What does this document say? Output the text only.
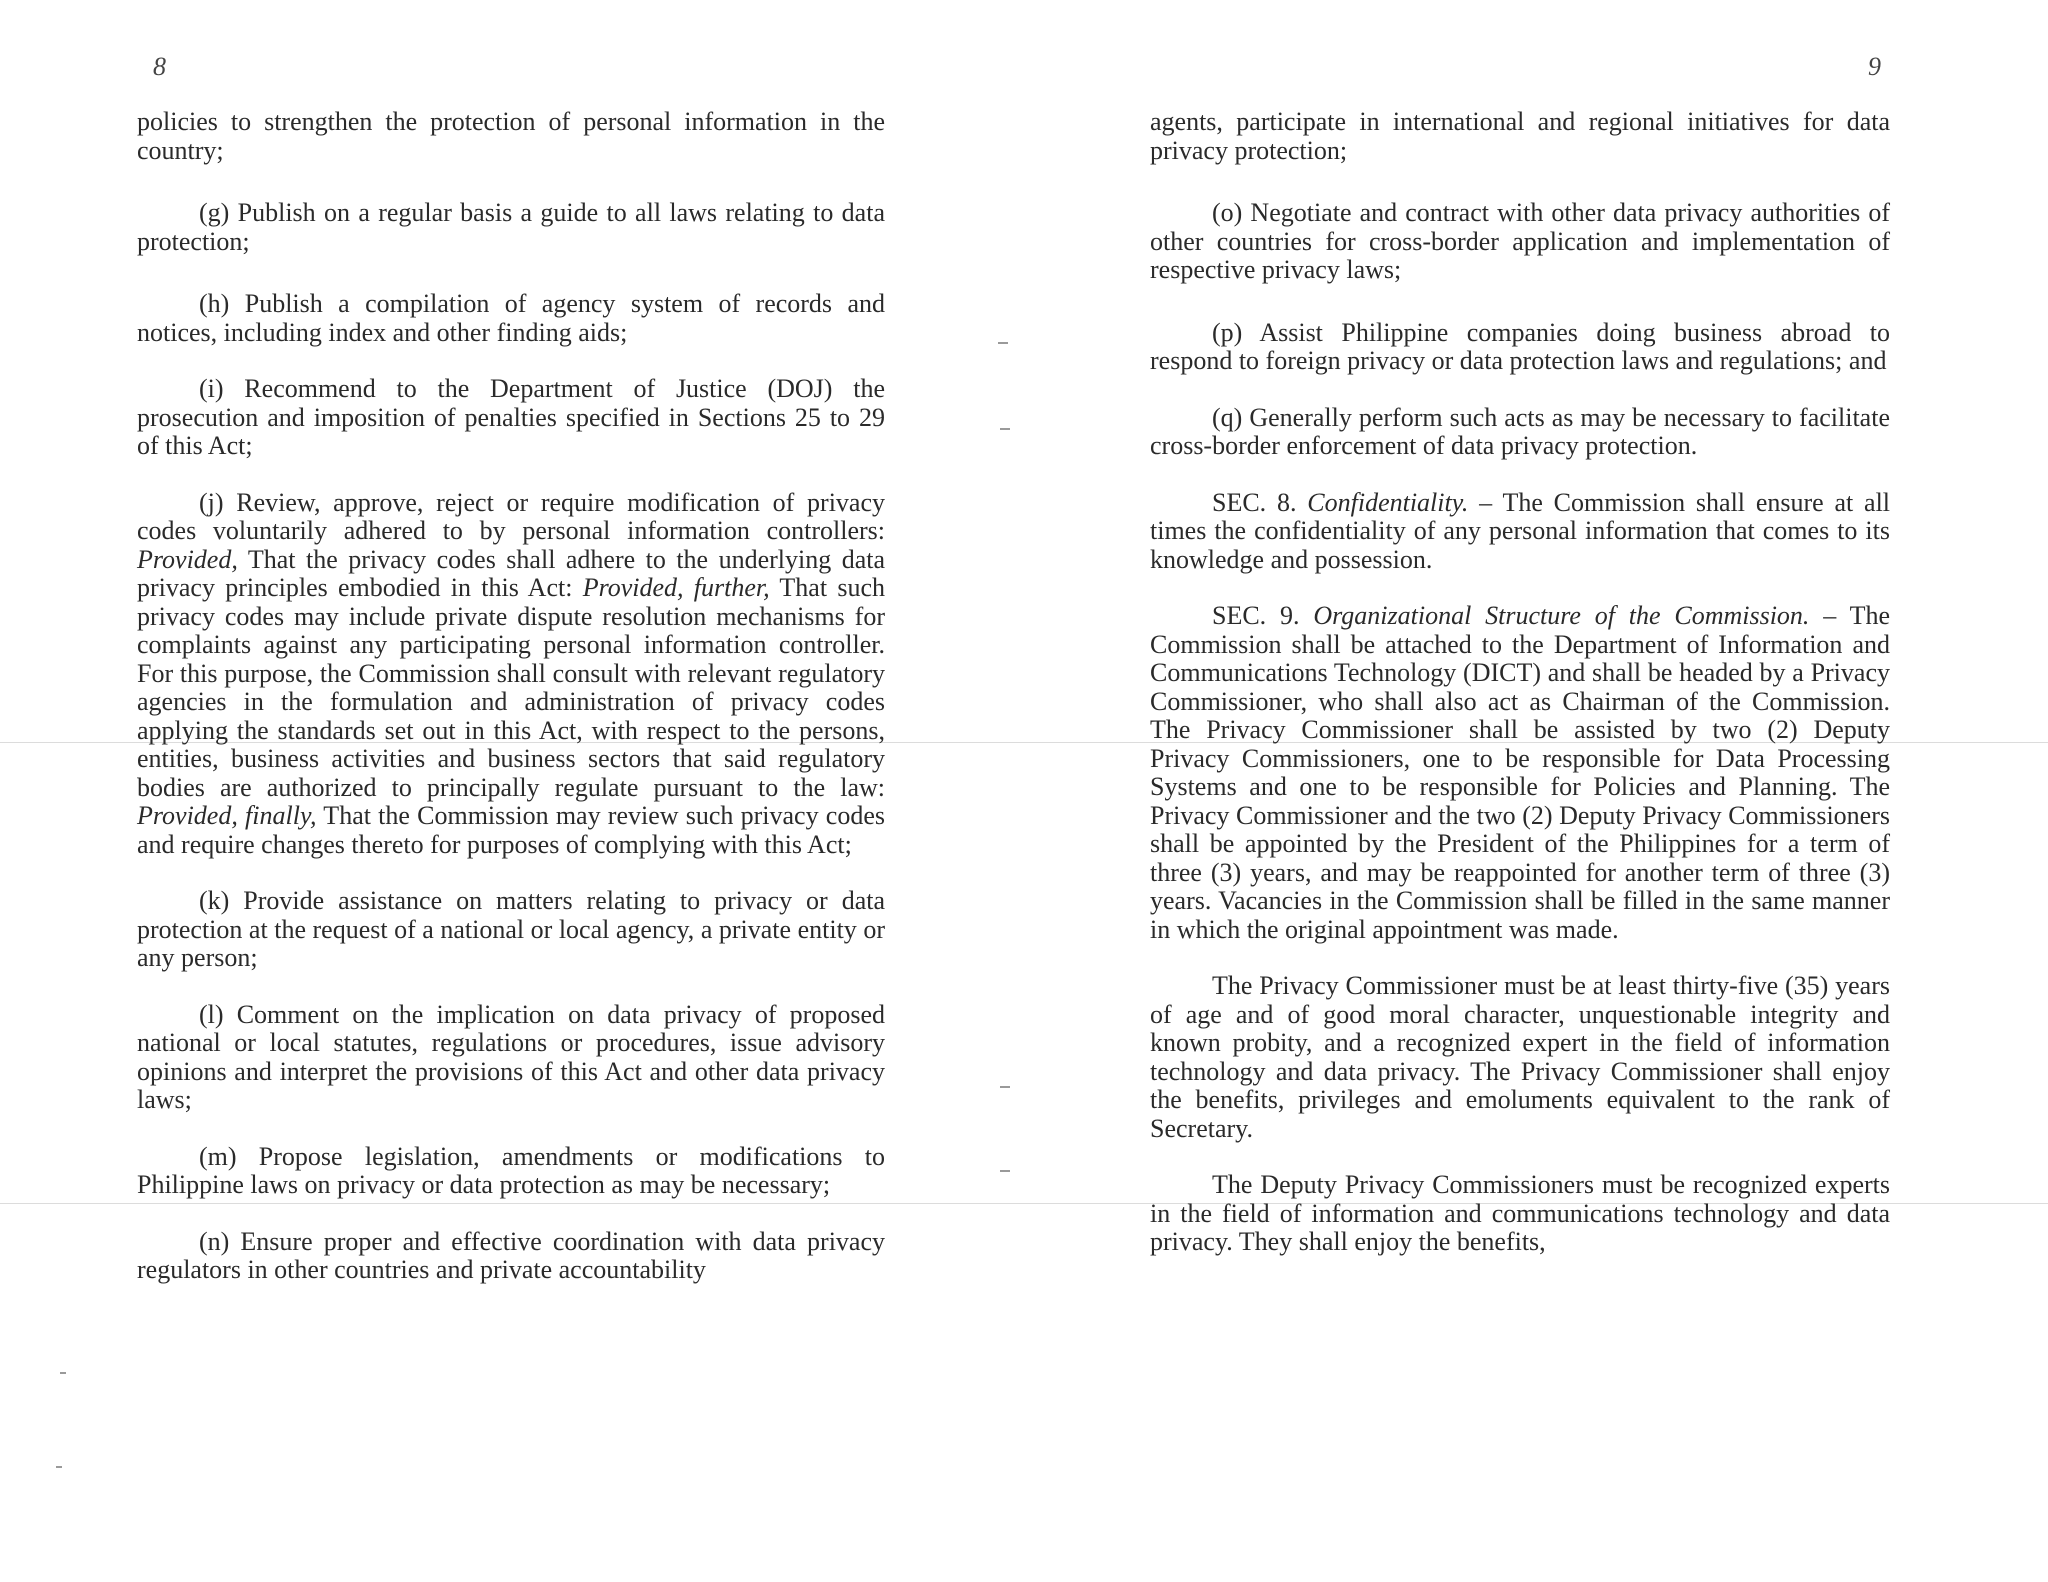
8	9

policies to strengthen the protection of personal information in the country;

(g) Publish on a regular basis a guide to all laws relating to data protection;

(h) Publish a compilation of agency system of records and notices, including index and other finding aids;

(i) Recommend to the Department of Justice (DOJ) the prosecution and imposition of penalties specified in Sections 25 to 29 of this Act;

(j) Review, approve, reject or require modification of privacy codes voluntarily adhered to by personal information controllers: Provided, That the privacy codes shall adhere to the underlying data privacy principles embodied in this Act: Provided, further, That such privacy codes may include private dispute resolution mechanisms for complaints against any participating personal information controller. For this purpose, the Commission shall consult with relevant regulatory agencies in the formulation and administration of privacy codes applying the standards set out in this Act, with respect to the persons, entities, business activities and business sectors that said regulatory bodies are authorized to principally regulate pursuant to the law: Provided, finally, That the Commission may review such privacy codes and require changes thereto for purposes of complying with this Act;

(k) Provide assistance on matters relating to privacy or data protection at the request of a national or local agency, a private entity or any person;

(l) Comment on the implication on data privacy of proposed national or local statutes, regulations or procedures, issue advisory opinions and interpret the provisions of this Act and other data privacy laws;

(m) Propose legislation, amendments or modifications to Philippine laws on privacy or data protection as may be necessary;

(n) Ensure proper and effective coordination with data privacy regulators in other countries and private accountability

agents, participate in international and regional initiatives for data privacy protection;

(o) Negotiate and contract with other data privacy authorities of other countries for cross-border application and implementation of respective privacy laws;

(p) Assist Philippine companies doing business abroad to respond to foreign privacy or data protection laws and regulations; and

(q) Generally perform such acts as may be necessary to facilitate cross-border enforcement of data privacy protection.

SEC. 8. Confidentiality. – The Commission shall ensure at all times the confidentiality of any personal information that comes to its knowledge and possession.

SEC. 9. Organizational Structure of the Commission. – The Commission shall be attached to the Department of Information and Communications Technology (DICT) and shall be headed by a Privacy Commissioner, who shall also act as Chairman of the Commission. The Privacy Commissioner shall be assisted by two (2) Deputy Privacy Commissioners, one to be responsible for Data Processing Systems and one to be responsible for Policies and Planning. The Privacy Commissioner and the two (2) Deputy Privacy Commissioners shall be appointed by the President of the Philippines for a term of three (3) years, and may be reappointed for another term of three (3) years. Vacancies in the Commission shall be filled in the same manner in which the original appointment was made.

The Privacy Commissioner must be at least thirty-five (35) years of age and of good moral character, unquestionable integrity and known probity, and a recognized expert in the field of information technology and data privacy. The Privacy Commissioner shall enjoy the benefits, privileges and emoluments equivalent to the rank of Secretary.

The Deputy Privacy Commissioners must be recognized experts in the field of information and communications technology and data privacy. They shall enjoy the benefits,
